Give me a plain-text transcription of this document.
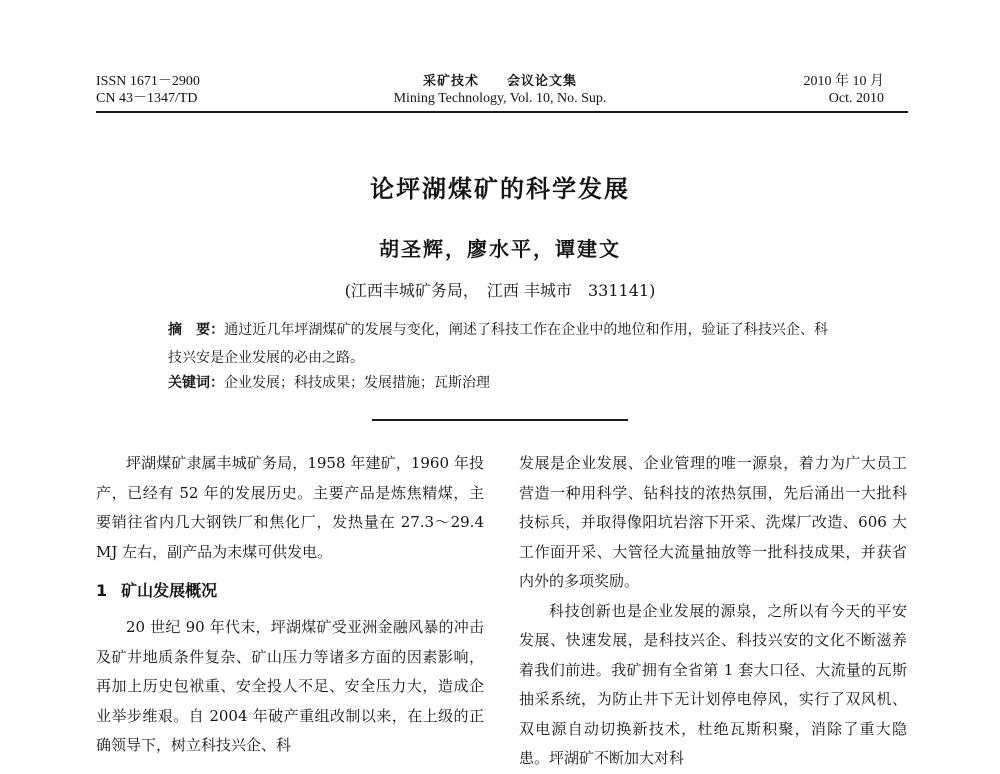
ISSN 1671－2900
CN 43－1347/TD
采矿技术　　会议论文集
Mining Technology, Vol. 10, No. Sup.
2010 年 10 月
Oct. 2010
论坪湖煤矿的科学发展
胡圣辉，廖水平，谭建文
(江西丰城矿务局，　江西 丰城市　331141)
摘　要：通过近几年坪湖煤矿的发展与变化，阐述了科技工作在企业中的地位和作用，验证了科技兴企、科技兴安是企业发展的必由之路。
关键词：企业发展；科技成果；发展措施；瓦斯治理

坪湖煤矿隶属丰城矿务局，1958 年建矿，1960 年投产，已经有 52 年的发展历史。主要产品是炼焦精煤，主要销往省内几大钢铁厂和焦化厂，发热量在 27.3～29.4 MJ 左右，副产品为末煤可供发电。

1 矿山发展概况

20 世纪 90 年代末，坪湖煤矿受亚洲金融风暴的冲击及矿井地质条件复杂、矿山压力等诸多方面的因素影响，再加上历史包袱重、安全投人不足、安全压力大，造成企业举步维艰。自 2004 年破产重组改制以来，在上级的正确领导下，树立科技兴企、科

发展是企业发展、企业管理的唯一源泉，着力为广大员工营造一种用科学、钻科技的浓热氛围，先后涌出一大批科技标兵，并取得像阳坑岩溶下开采、洗煤厂改造、606 大工作面开采、大管径大流量抽放等一批科技成果，并获省内外的多项奖励。

科技创新也是企业发展的源泉，之所以有今天的平安发展、快速发展，是科技兴企、科技兴安的文化不断滋养着我们前进。我矿拥有全省第 1 套大口径、大流量的瓦斯抽采系统，为防止井下无计划停电停风，实行了双风机、双电源自动切换新技术，杜绝瓦斯积聚，消除了重大隐患。坪湖矿不断加大对科
